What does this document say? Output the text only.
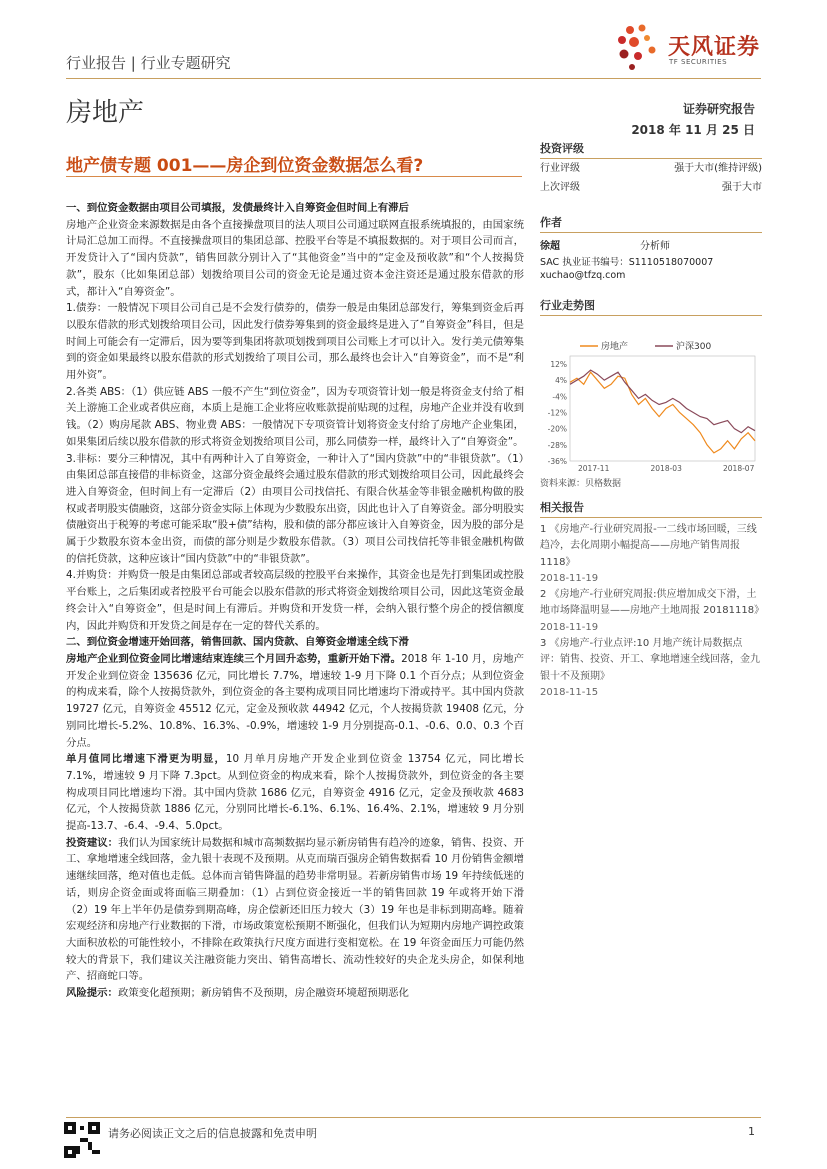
行业报告 | 行业专题研究
天风证券
TF SECURITIES
房地产	证券研究报告
2018 年 11 月 25 日
地产债专题 001——房企到位资金数据怎么看?

一、到位资金数据由项目公司填报，发债最终计入自筹资金但时间上有滞后

房地产企业资金来源数据是由各个直接操盘项目的法人项目公司通过联网直报系统填报的，由国家统计局汇总加工而得。不直接操盘项目的集团总部、控股平台等是不填报数据的。对于项目公司而言，开发贷计入了“国内贷款”，销售回款分别计入了“其他资金”当中的“定金及预收款”和“个人按揭贷款”，股东（比如集团总部）划拨给项目公司的资金无论是通过资本金注资还是通过股东借款的形式，都计入“自筹资金”。

1.债券：一般情况下项目公司自己是不会发行债券的，债券一般是由集团总部发行，筹集到资金后再以股东借款的形式划拨给项目公司，因此发行债券筹集到的资金最终是进入了“自筹资金”科目，但是时间上可能会有一定滞后，因为要等到集团将款项划拨到项目公司账上才可以计入。发行美元债筹集到的资金如果最终以股东借款的形式划拨给了项目公司，那么最终也会计入“自筹资金”，而不是“利用外资”。

2.各类 ABS：（1）供应链 ABS 一般不产生“到位资金”，因为专项资管计划一般是将资金支付给了相关上游施工企业或者供应商，本质上是施工企业将应收账款提前贴现的过程，房地产企业并没有收到钱。（2）购房尾款 ABS、物业费 ABS：一般情况下专项资管计划将资金支付给了房地产企业集团，如果集团后续以股东借款的形式将资金划拨给项目公司，那么同债券一样，最终计入了“自筹资金”。

3.非标：要分三种情况，其中有两种计入了自筹资金，一种计入了“国内贷款”中的“非银贷款”。（1）由集团总部直接借的非标资金，这部分资金最终会通过股东借款的形式划拨给项目公司，因此最终会进入自筹资金，但时间上有一定滞后（2）由项目公司找信托、有限合伙基金等非银金融机构做的股权或者明股实债融资，这部分资金实际上体现为少数股东出资，因此也计入了自筹资金。部分明股实债融资出于税筹的考虑可能采取“股+债”结构，股和债的部分都应该计入自筹资金，因为股的部分是属于少数股东资本金出资，而债的部分则是少数股东借款。（3）项目公司找信托等非银金融机构做的信托贷款，这种应该计“国内贷款”中的“非银贷款”。

4.并购贷：并购贷一般是由集团总部或者较高层级的控股平台来操作，其资金也是先打到集团或控股平台账上，之后集团或者控股平台可能会以股东借款的形式将资金划拨给项目公司，因此这笔资金最终会计入“自筹资金”，但是时间上有滞后。并购贷和开发贷一样，会纳入银行整个房企的授信额度内，因此并购贷和开发贷之间是存在一定的替代关系的。

二、到位资金增速开始回落，销售回款、国内贷款、自筹资金增速全线下滑

房地产企业到位资金同比增速结束连续三个月回升态势，重新开始下滑。2018 年 1-10 月，房地产开发企业到位资金 135636 亿元，同比增长 7.7%，增速较 1-9 月下降 0.1 个百分点；从到位资金的构成来看，除个人按揭贷款外，到位资金的各主要构成项目同比增速均下滑或持平。其中国内贷款 19727 亿元，自筹资金 45512 亿元，定金及预收款 44942 亿元，个人按揭贷款 19408 亿元，分别同比增长-5.2%、10.8%、16.3%、-0.9%，增速较 1-9 月分别提高-0.1、-0.6、0.0、0.3 个百分点。

单月值同比增速下滑更为明显，10 月单月房地产开发企业到位资金 13754 亿元，同比增长 7.1%，增速较 9 月下降 7.3pct。从到位资金的构成来看，除个人按揭贷款外，到位资金的各主要构成项目同比增速均下滑。其中国内贷款 1686 亿元，自筹资金 4916 亿元，定金及预收款 4683 亿元，个人按揭贷款 1886 亿元，分别同比增长-6.1%、6.1%、16.4%、2.1%，增速较 9 月分别提高-13.7、-6.4、-9.4、5.0pct。

投资建议：我们认为国家统计局数据和城市高频数据均显示新房销售有趋冷的迹象，销售、投资、开工、拿地增速全线回落，金九银十表现不及预期。从克而瑞百强房企销售数据看 10 月份销售金额增速继续回落，绝对值也走低。总体而言销售降温的趋势非常明显。若新房销售市场 19 年持续低迷的话，则房企资金面或将面临三期叠加：（1）占到位资金接近一半的销售回款 19 年或将开始下滑（2）19 年上半年仍是债券到期高峰，房企偿新还旧压力较大（3）19 年也是非标到期高峰。随着宏观经济和房地产行业数据的下滑，市场政策宽松预期不断强化，但我们认为短期内房地产调控政策大面积放松的可能性较小，不排除在政策执行尺度方面进行变相宽松。在 19 年资金面压力可能仍然较大的背景下，我们建议关注融资能力突出、销售高增长、流动性较好的央企龙头房企，如保利地产、招商蛇口等。

风险提示：政策变化超预期；新房销售不及预期，房企融资环境超预期恶化

投资评级
行业评级	强于大市(维持评级)
上次评级	强于大市
作者
徐超	分析师
SAC 执业证书编号：S1110518070007
xuchao@tfzq.com
行业走势图
房地产	沪深300
12%
4%
-4%
-12%
-20%
-28%
-36%
2017-11	2018-03	2018-07
资料来源：贝格数据
相关报告
1 《房地产-行业研究周报-一二线市场回暖，三线趋冷，去化周期小幅提高——房地产销售周报 1118》
2018-11-19
2 《房地产-行业研究周报:供应增加成交下滑，土地市场降温明显——房地产土地周报 20181118》
2018-11-19
3 《房地产-行业点评:10 月地产统计局数据点评：销售、投资、开工、拿地增速全线回落，金九银十不及预期》
2018-11-15
请务必阅读正文之后的信息披露和免责申明	1
